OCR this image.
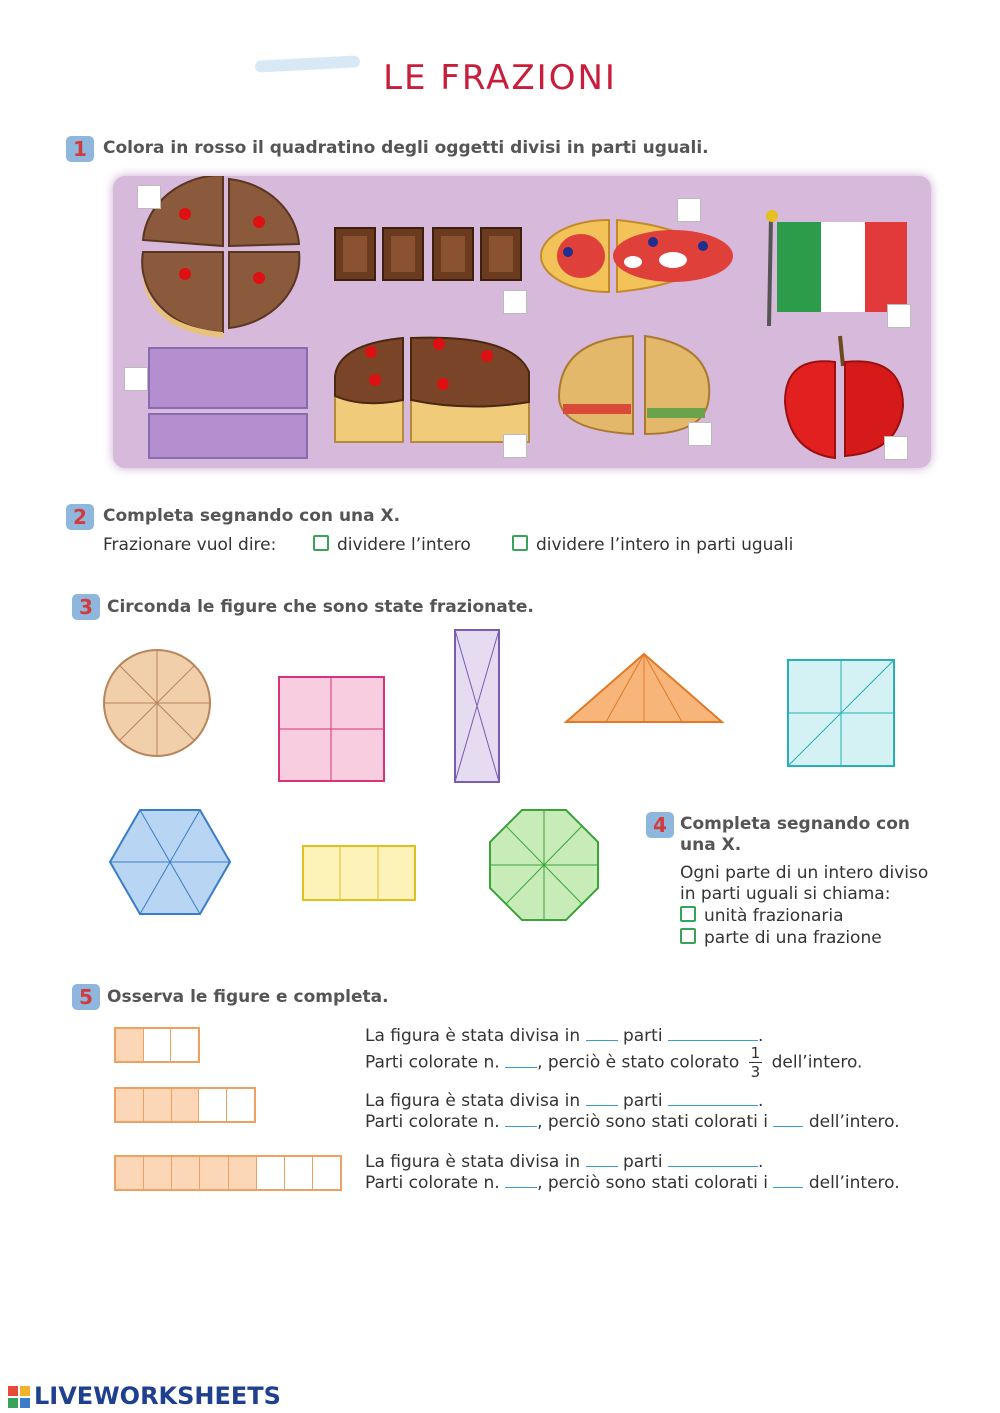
LE FRAZIONI
1 Colora in rosso il quadratino degli oggetti divisi in parti uguali.
2 Completa segnando con una X.
Frazionare vuol dire:	dividere l’intero	dividere l’intero in parti uguali
3 Circonda le figure che sono state frazionate.
4 Completa segnando con
una X.
Ogni parte di un intero diviso
in parti uguali si chiama:
unità frazionaria
parte di una frazione
5 Osserva le figure e completa.
La figura è stata divisa in	parti	.
Parti colorate n. , perciò è stato colorato $\frac{1}{3}$ dell’intero.
La figura è stata divisa in	parti	.
Parti colorate n. , perciò sono stati colorati i dell’intero.
La figura è stata divisa in	parti	.
Parti colorate n. , perciò sono stati colorati i dell’intero.
LIVEWORKSHEETS
